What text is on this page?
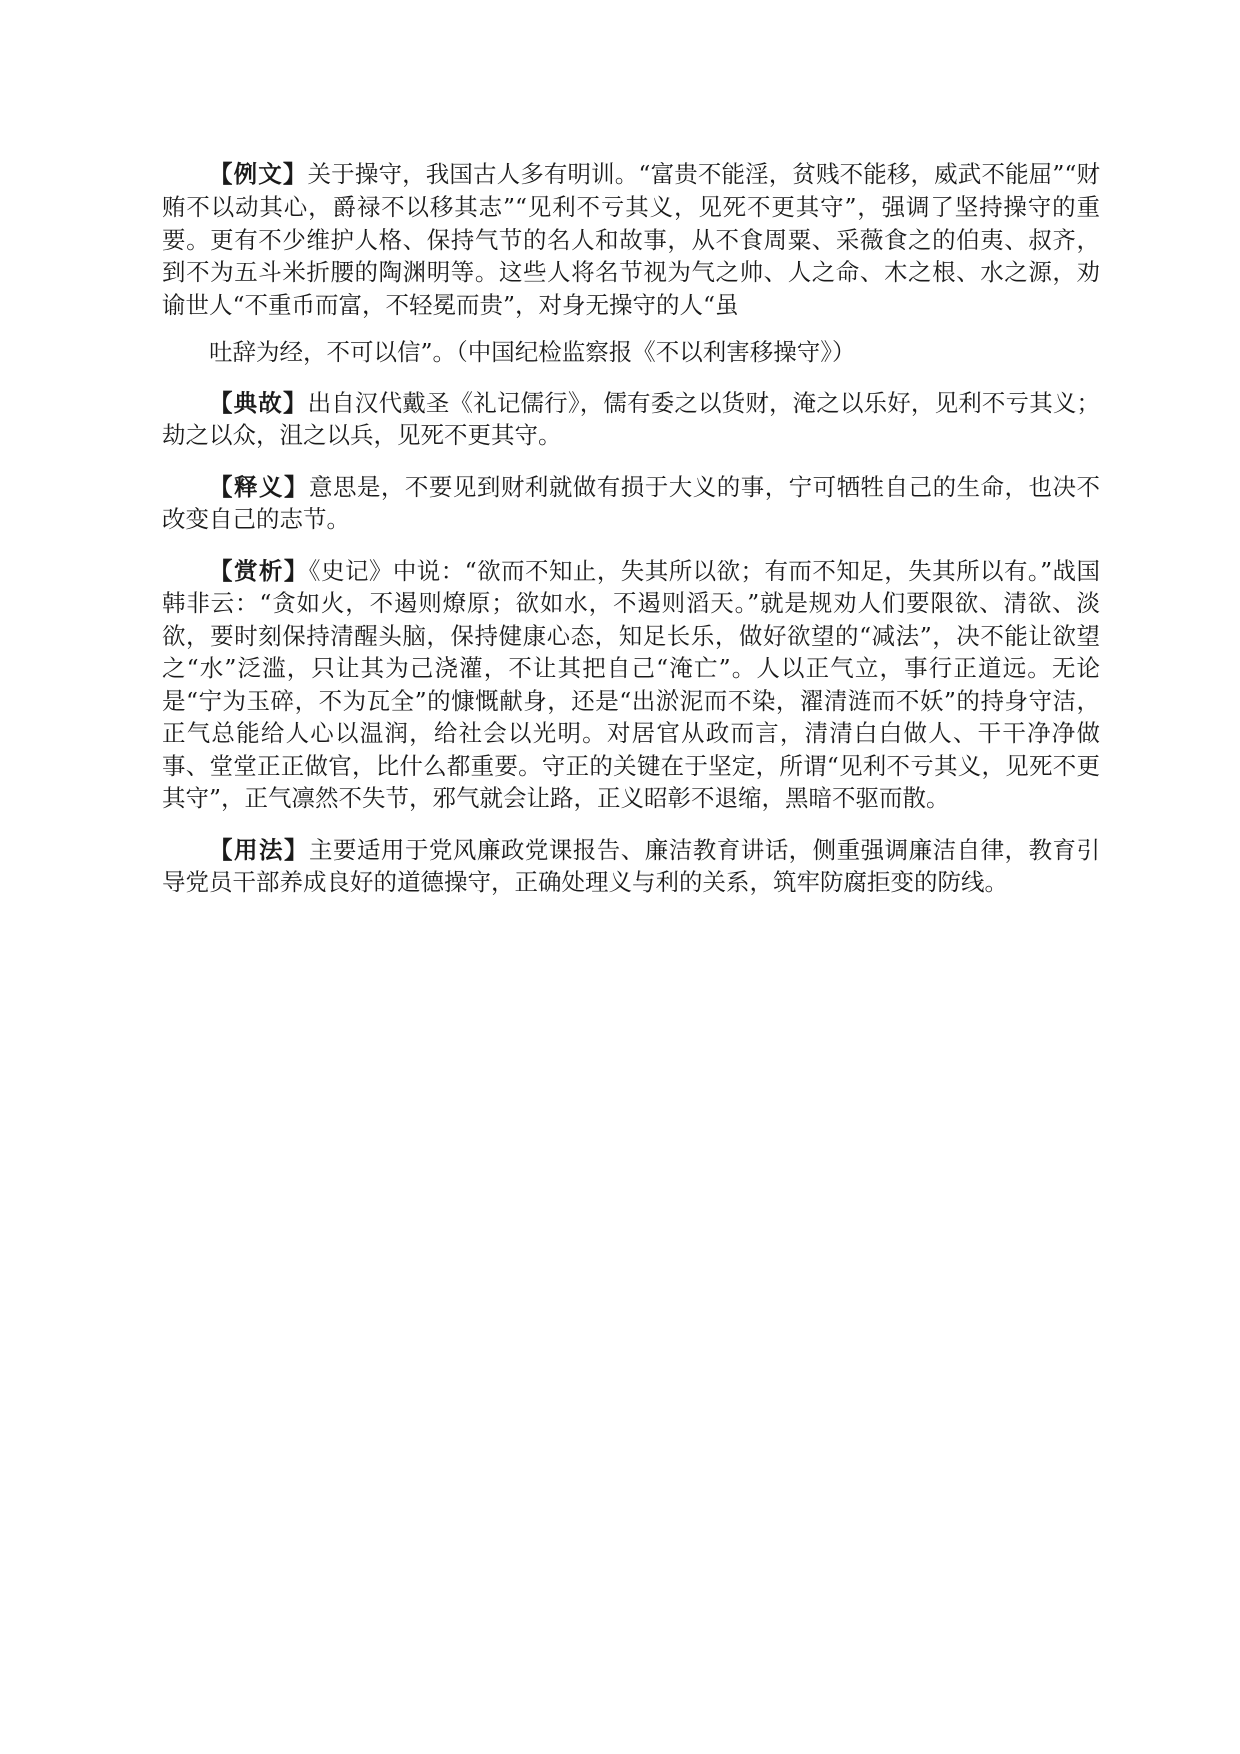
【例文】关于操守，我国古人多有明训。“富贵不能淫，贫贱不能移，威武不能屈”“财贿不以动其心，爵禄不以移其志”“见利不亏其义，见死不更其守”，强调了坚持操守的重要。更有不少维护人格、保持气节的名人和故事，从不食周粟、采薇食之的伯夷、叔齐，到不为五斗米折腰的陶渊明等。这些人将名节视为气之帅、人之命、木之根、水之源，劝谕世人“不重币而富，不轻冕而贵”，对身无操守的人“虽
吐辞为经，不可以信”。（中国纪检监察报《不以利害移操守》）

【典故】出自汉代戴圣《礼记儒行》，儒有委之以货财，淹之以乐好，见利不亏其义；劫之以众，沮之以兵，见死不更其守。

【释义】意思是，不要见到财利就做有损于大义的事，宁可牺牲自己的生命，也决不改变自己的志节。

【赏析】《史记》中说：“欲而不知止，失其所以欲；有而不知足，失其所以有。”战国韩非云：“贪如火，不遏则燎原；欲如水，不遏则滔天。”就是规劝人们要限欲、清欲、淡欲，要时刻保持清醒头脑，保持健康心态，知足长乐，做好欲望的“减法”，决不能让欲望之“水”泛滥，只让其为己浇灌，不让其把自己“淹亡”。人以正气立，事行正道远。无论是“宁为玉碎，不为瓦全”的慷慨献身，还是“出淤泥而不染，濯清涟而不妖”的持身守洁，正气总能给人心以温润，给社会以光明。对居官从政而言，清清白白做人、干干净净做事、堂堂正正做官，比什么都重要。守正的关键在于坚定，所谓“见利不亏其义，见死不更其守”，正气凛然不失节，邪气就会让路，正义昭彰不退缩，黑暗不驱而散。

【用法】主要适用于党风廉政党课报告、廉洁教育讲话，侧重强调廉洁自律，教育引导党员干部养成良好的道德操守，正确处理义与利的关系，筑牢防腐拒变的防线。
